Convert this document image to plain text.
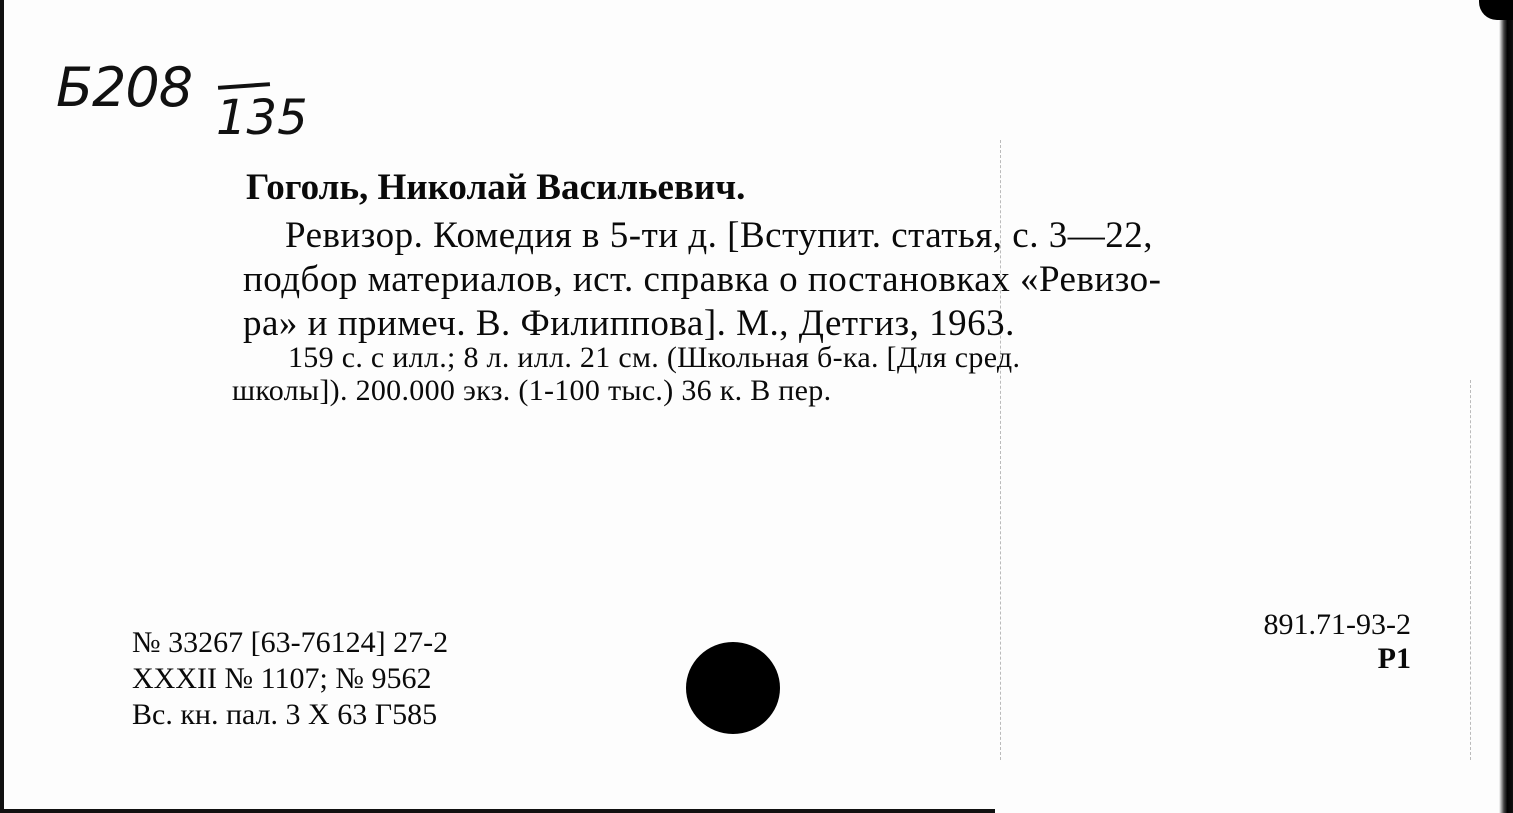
Б208 135
Гоголь, Николай Васильевич.
Ревизор. Комедия в 5-ти д. [Вступит. статья, с. 3—22,
подбор материалов, ист. справка о постановках «Ревизо-
ра» и примеч. В. Филиппова]. М., Детгиз, 1963.
159 с. с илл.; 8 л. илл. 21 см. (Школьная б-ка. [Для сред.
школы]). 200.000 экз. (1-100 тыс.) 36 к. В пер.
№ 33267 [63-76124] 27-2
XXXII № 1107; № 9562
Вс. кн. пал. 3 X 63 Г585
891.71-93-2
Р1
